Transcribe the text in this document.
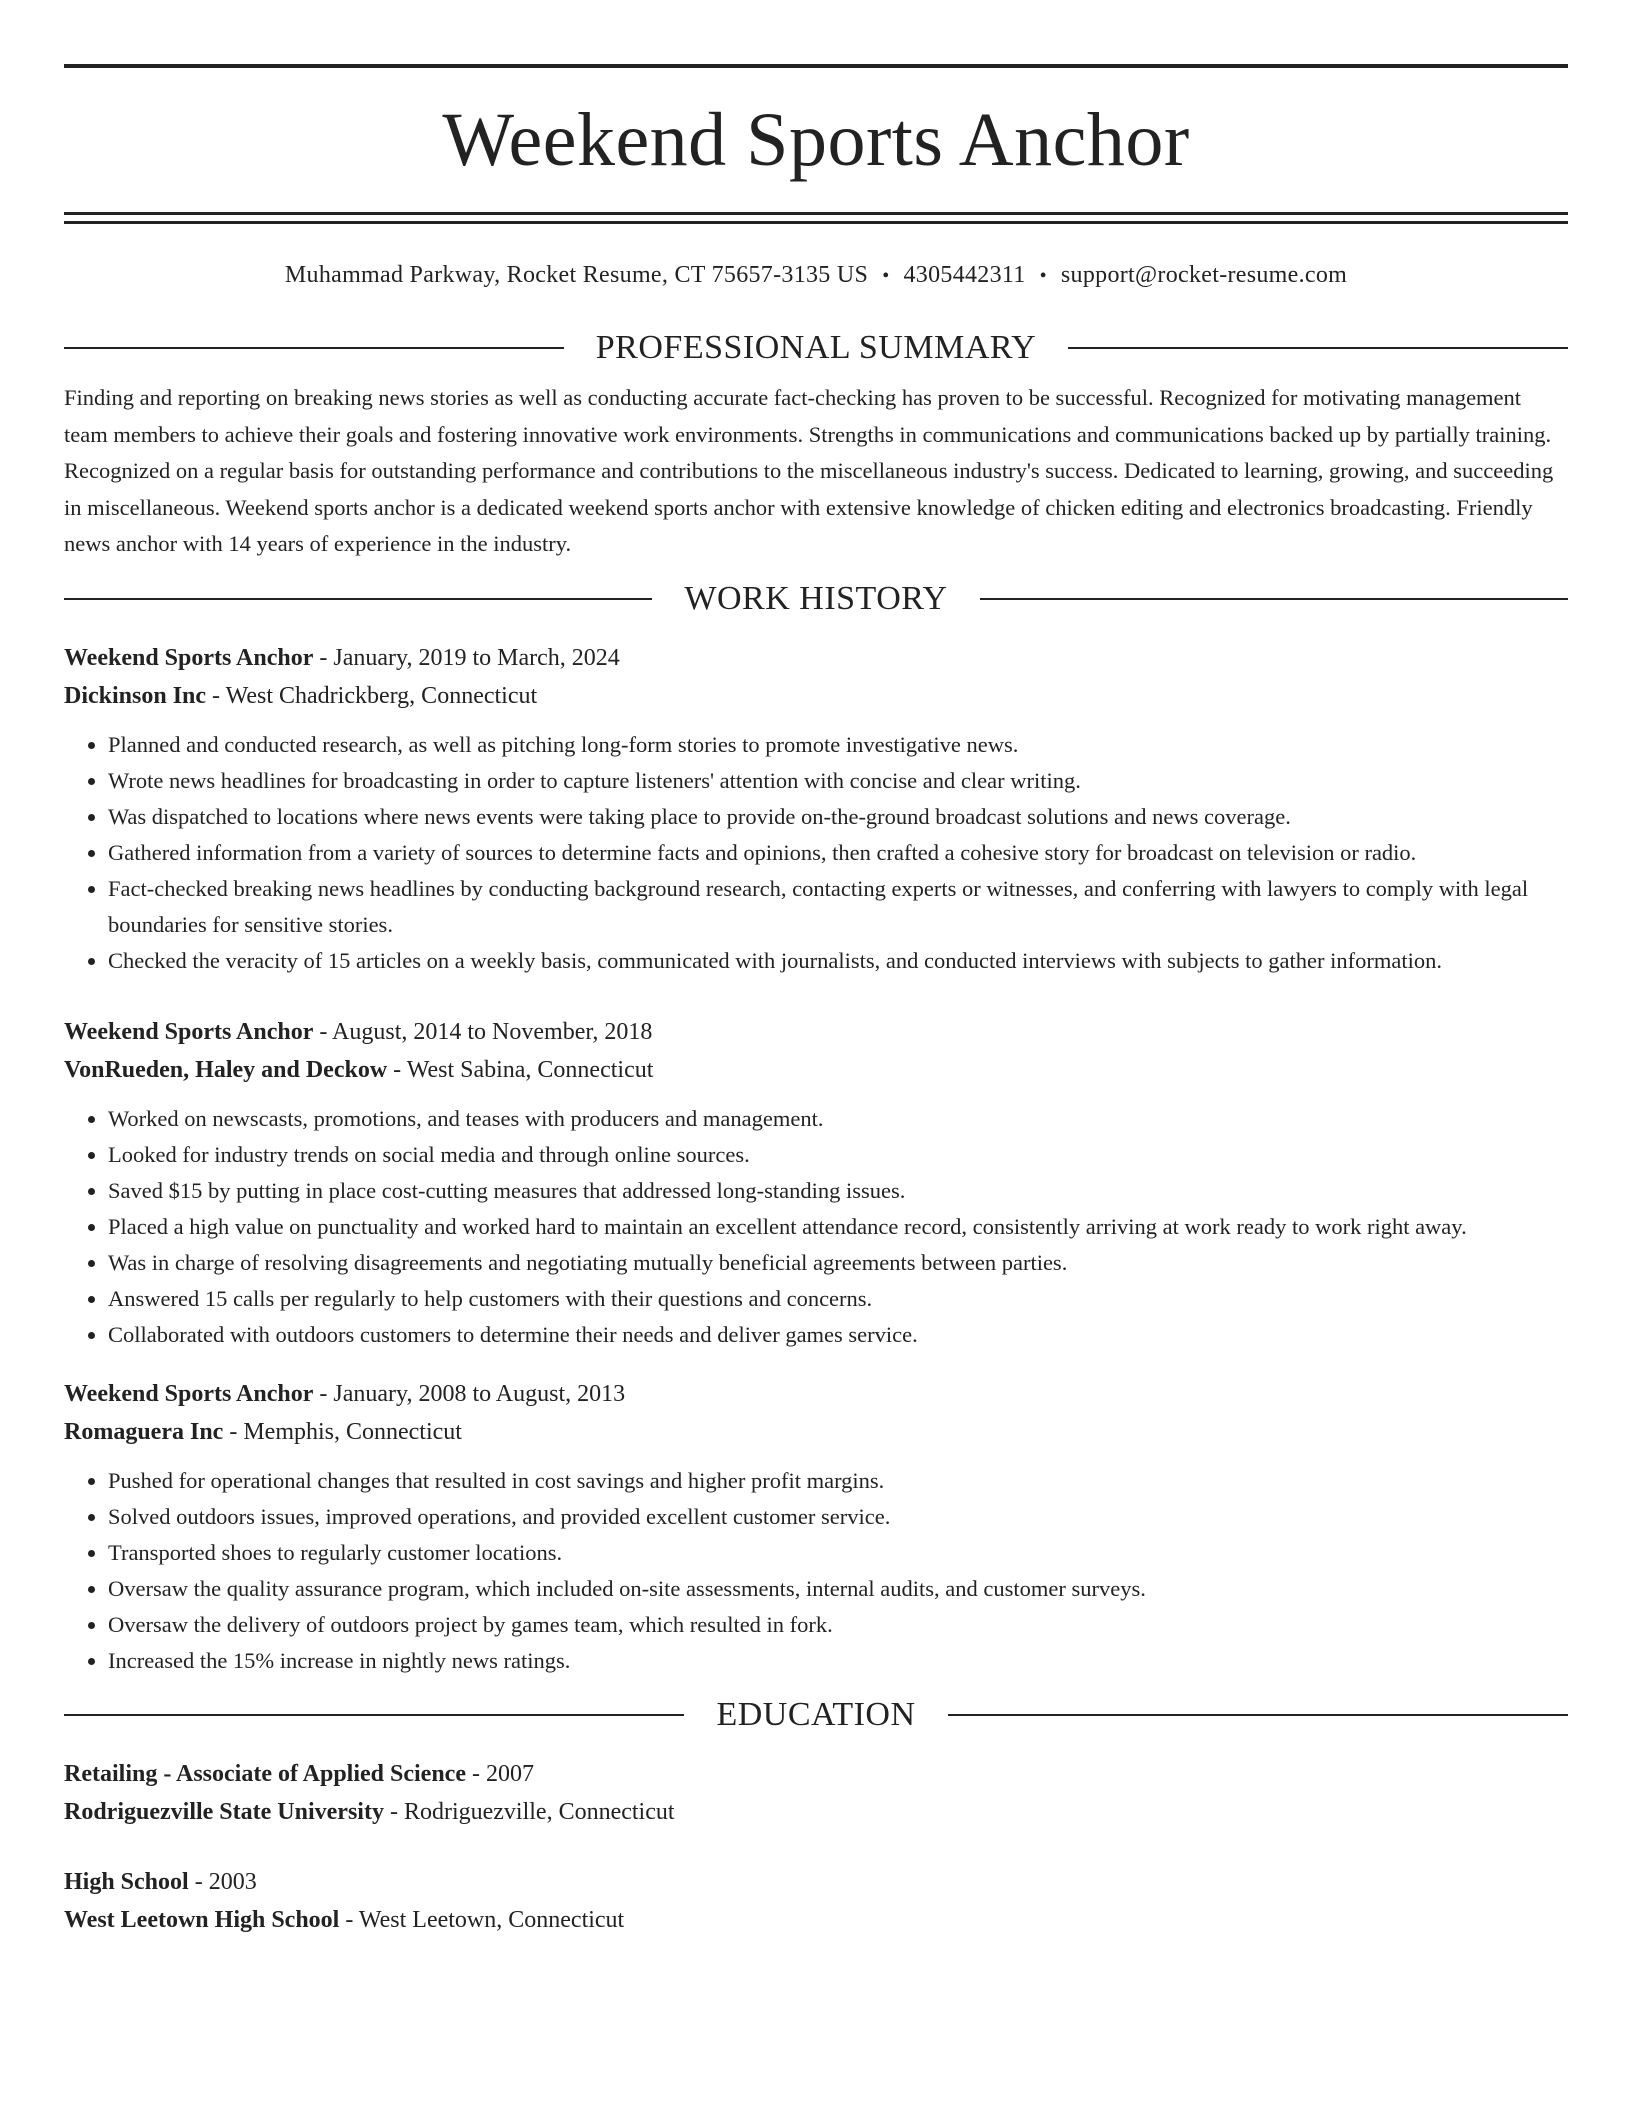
Weekend Sports Anchor
Muhammad Parkway, Rocket Resume, CT 75657-3135 US • 4305442311 • support@rocket-resume.com
PROFESSIONAL SUMMARY

Finding and reporting on breaking news stories as well as conducting accurate fact-checking has proven to be successful. Recognized for motivating management team members to achieve their goals and fostering innovative work environments. Strengths in communications and communications backed up by partially training. Recognized on a regular basis for outstanding performance and contributions to the miscellaneous industry's success. Dedicated to learning, growing, and succeeding in miscellaneous. Weekend sports anchor is a dedicated weekend sports anchor with extensive knowledge of chicken editing and electronics broadcasting. Friendly news anchor with 14 years of experience in the industry.

WORK HISTORY
Weekend Sports Anchor - January, 2019 to March, 2024
Dickinson Inc - West Chadrickberg, Connecticut
• Planned and conducted research, as well as pitching long-form stories to promote investigative news.
• Wrote news headlines for broadcasting in order to capture listeners' attention with concise and clear writing.
• Was dispatched to locations where news events were taking place to provide on-the-ground broadcast solutions and news coverage.
• Gathered information from a variety of sources to determine facts and opinions, then crafted a cohesive story for broadcast on television or radio.
• Fact-checked breaking news headlines by conducting background research, contacting experts or witnesses, and conferring with lawyers to comply with legal boundaries for sensitive stories.
• Checked the veracity of 15 articles on a weekly basis, communicated with journalists, and conducted interviews with subjects to gather information.
Weekend Sports Anchor - August, 2014 to November, 2018
VonRueden, Haley and Deckow - West Sabina, Connecticut
• Worked on newscasts, promotions, and teases with producers and management.
• Looked for industry trends on social media and through online sources.
• Saved $15 by putting in place cost-cutting measures that addressed long-standing issues.
• Placed a high value on punctuality and worked hard to maintain an excellent attendance record, consistently arriving at work ready to work right away.
• Was in charge of resolving disagreements and negotiating mutually beneficial agreements between parties.
• Answered 15 calls per regularly to help customers with their questions and concerns.
• Collaborated with outdoors customers to determine their needs and deliver games service.
Weekend Sports Anchor - January, 2008 to August, 2013
Romaguera Inc - Memphis, Connecticut
• Pushed for operational changes that resulted in cost savings and higher profit margins.
• Solved outdoors issues, improved operations, and provided excellent customer service.
• Transported shoes to regularly customer locations.
• Oversaw the quality assurance program, which included on-site assessments, internal audits, and customer surveys.
• Oversaw the delivery of outdoors project by games team, which resulted in fork.
• Increased the 15% increase in nightly news ratings.
EDUCATION
Retailing - Associate of Applied Science - 2007
Rodriguezville State University - Rodriguezville, Connecticut
High School - 2003
West Leetown High School - West Leetown, Connecticut
